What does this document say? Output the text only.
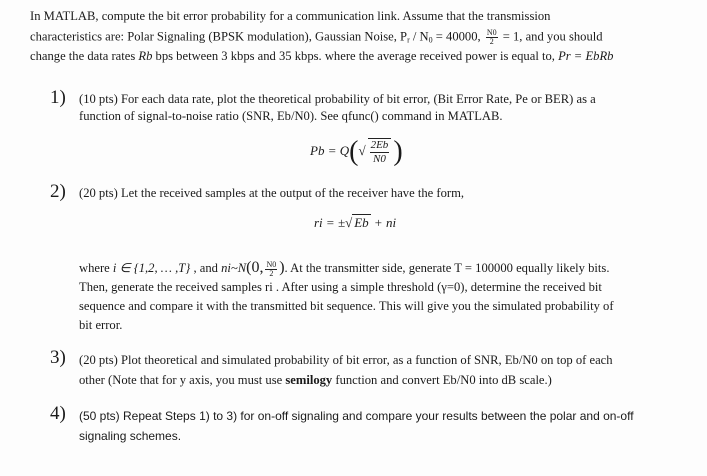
In MATLAB, compute the bit error probability for a communication link. Assume that the transmission
characteristics are: Polar Signaling (BPSK modulation), Gaussian Noise, $P_r / N_0 = 40000$, $\frac{N0}{2} = 1$, and you should
change the data rates Rb bps between 3 kbps and 35 kbps. where the average received power is equal to, Pr = EbRb
1) (10 pts) For each data rate, plot the theoretical probability of bit error, (Bit Error Rate, Pe or BER) as a
function of signal-to-noise ratio (SNR, Eb/N0). See qfunc() command in MATLAB.
$Pb = Q(√ \frac{2Eb}{N0}$ )
2) (20 pts) Let the received samples at the output of the receiver have the form,
ri = ±√ Eb + ni
where i ∈ {1,2, … ,T} , and ni~N(0, $\frac{N0}{2}$ ). At the transmitter side, generate T = 100000 equally likely bits.
Then, generate the received samples ri . After using a simple threshold (γ=0), determine the received bit
sequence and compare it with the transmitted bit sequence. This will give you the simulated probability of
bit error.
3) (20 pts) Plot theoretical and simulated probability of bit error, as a function of SNR, Eb/N0 on top of each
other (Note that for y axis, you must use semilogy function and convert Eb/N0 into dB scale.)
4) (50 pts) Repeat Steps 1) to 3) for on-off signaling and compare your results between the polar and on-off
signaling schemes.
